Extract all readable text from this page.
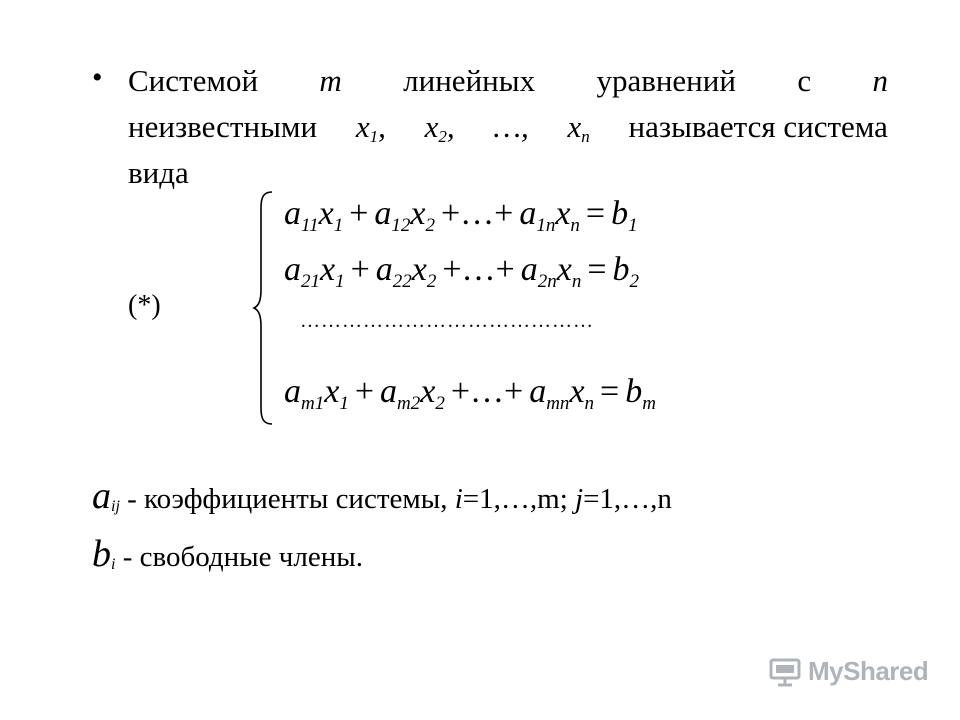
• Системой m линейных уравнений с n
неизвестными $x_1$, $x_2$, …, $x_n$ называется система
вида
(*)
$a_{11}x_1 + a_{12}x_2$ +…+ $a_{1n}x_n = b_1$
$a_{21}x_1 + a_{22}x_2$ +…+ $a_{2n}x_n = b_2$
……………………………………
$a_{m1}x_1 + a_{m2}x_2$ +…+ $a_{mn}x_n = b_m$
aij - коэффициенты системы, i=1,…,m; j=1,…,n
bi - свободные члены.
MyShared
